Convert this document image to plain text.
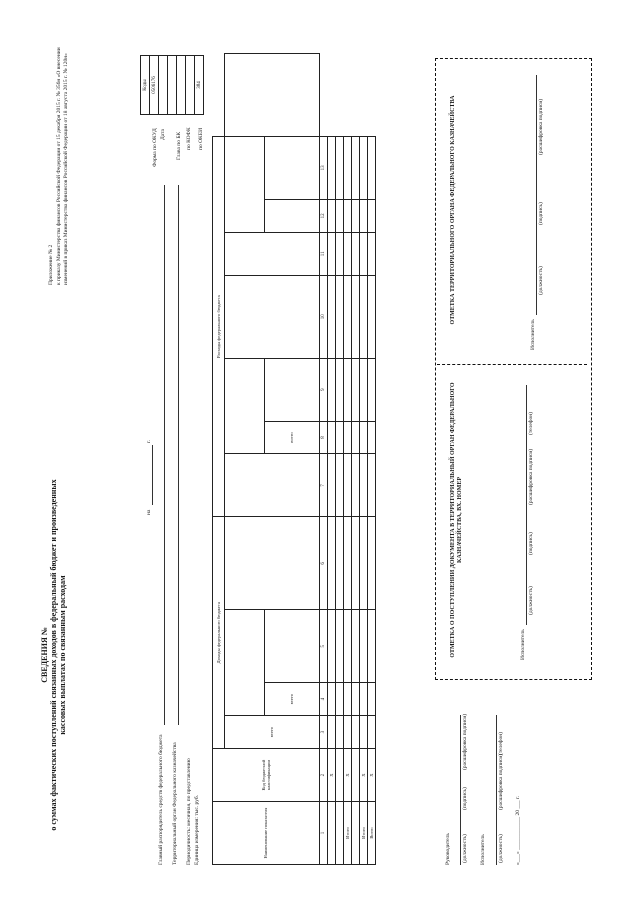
Приложение № 2 к приказу Министерства финансов Российской Федерации от 15 декабря 2015 г. № 356н «О внесении изменений в приказ Министерства финансов Российской Федерации от 18 августа 2015 г. № 120н»
СВЕДЕНИЯ № о суммах фактических поступлений связанных доходов в федеральный бюджет и произведенных кассовых выплатах по связанным расходам
на
г.
Главный распорядитель средств федерального бюджета Территориальный орган Федерального казначейства Периодичность: месячная, по представлению Единица измерения: тыс. руб.
Форма по ОКУД Дата Глава по БК по КОФК по ОКЕИ
Коды
0506176

384
Наименование показателя	Код бюджетной классификации	Доходы федерального бюджета				Расходы федерального бюджета							
		всего											
			всего				всего						
1	2	3	4	5	6	7	8	9	10	11	12	13	
	X												

Итого	X												

Итого	X												
Всего	X												
Руководитель (должность)
(подпись)
(расшифровка подписи)
Исполнитель (должность)
(расшифровка подписи)
(телефон)
«___» ____________ 20 ___ г.
ОТМЕТКА О ПОСТУПЛЕНИИ ДОКУМЕНТА В ТЕРРИТОРИАЛЬНЫЙ ОРГАН ФЕДЕРАЛЬНОГО КАЗНАЧЕЙСТВА, ВХ. НОМЕР
Исполнитель
(должность)
(подпись)
(расшифровка подписи)
(телефон)
ОТМЕТКА ТЕРРИТОРИАЛЬНОГО ОРГАНА ФЕДЕРАЛЬНОГО КАЗНАЧЕЙСТВА
Исполнитель
(должность)
(подпись)
(расшифровка подписи)
